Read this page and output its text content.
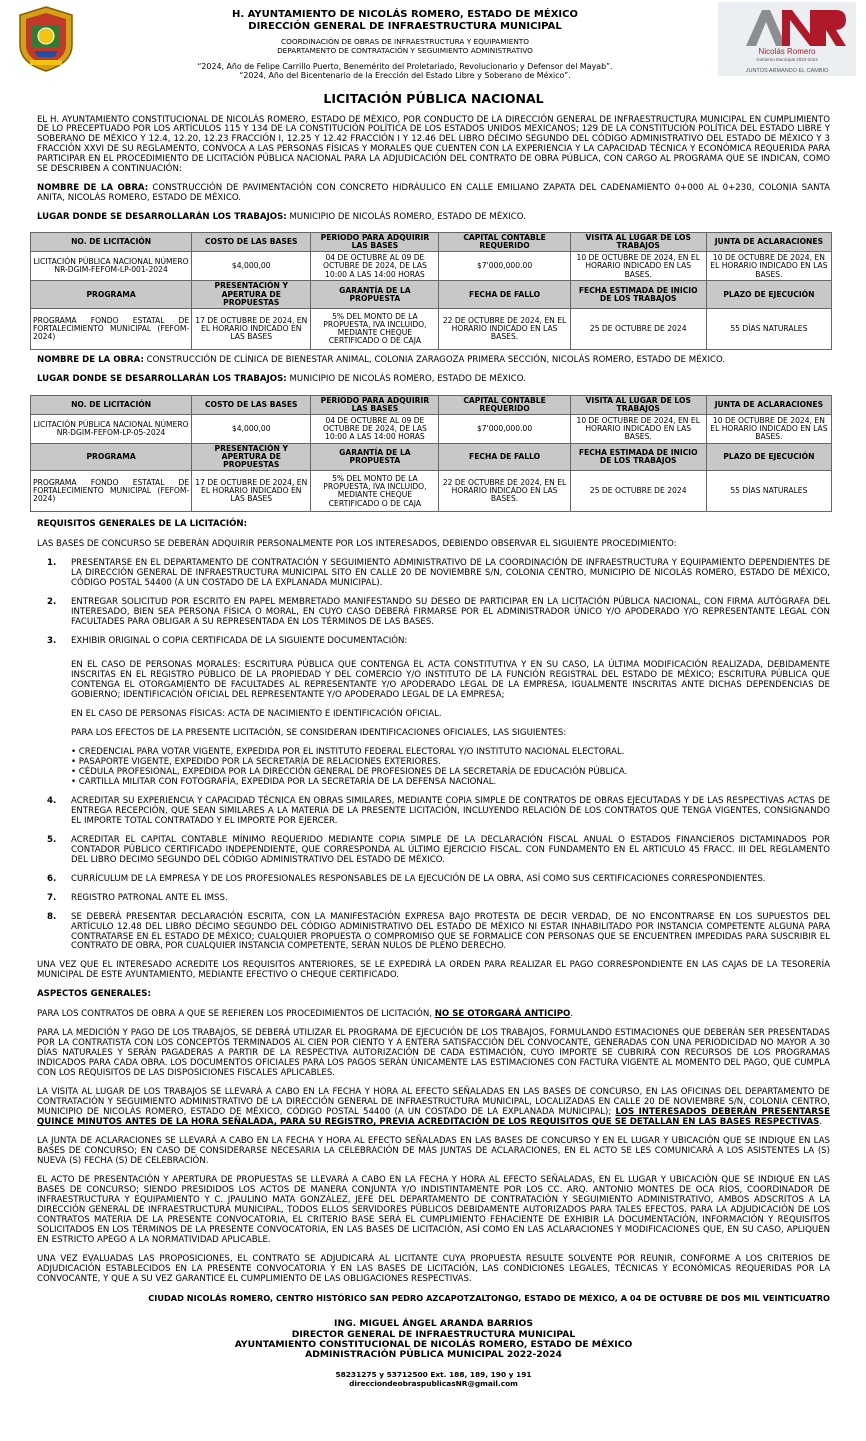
H. AYUNTAMIENTO DE NICOLÁS ROMERO, ESTADO DE MÉXICO
DIRECCIÓN GENERAL DE INFRAESTRUCTURA MUNICIPAL
COORDINACIÓN DE OBRAS DE INFRAESTRUCTURA Y EQUIPAMIENTO
DEPARTAMENTO DE CONTRATACIÓN Y SEGUIMIENTO ADMINISTRATIVO
“2024, Año de Felipe Carrillo Puerto, Benemérito del Proletariado, Revolucionario y Defensor del Mayab”.
“2024, Año del Bicentenario de la Erección del Estado Libre y Soberano de México”.
Nicolás Romero
Gobierno Municipal 2022-2024
JUNTOS ARMANDO EL CAMBIO
LICITACIÓN PÚBLICA NACIONAL

EL H. AYUNTAMIENTO CONSTITUCIONAL DE NICOLÁS ROMERO, ESTADO DE MÉXICO, POR CONDUCTO DE LA DIRECCIÓN GENERAL DE INFRAESTRUCTURA MUNICIPAL EN CUMPLIMIENTO DE LO PRECEPTUADO POR LOS ARTÍCULOS 115 Y 134 DE LA CONSTITUCIÓN POLÍTICA DE LOS ESTADOS UNIDOS MEXICANOS; 129 DE LA CONSTITUCIÓN POLÍTICA DEL ESTADO LIBRE Y SOBERANO DE MÉXICO Y 12.4, 12.20, 12.23 FRACCIÓN I, 12.25 Y 12.42 FRACCIÓN I Y 12.46 DEL LIBRO DÉCIMO SEGUNDO DEL CÓDIGO ADMINISTRATIVO DEL ESTADO DE MÉXICO Y 3 FRACCIÓN XXVI DE SU REGLAMENTO, CONVOCA A LAS PERSONAS FÍSICAS Y MORALES QUE CUENTEN CON LA EXPERIENCIA Y LA CAPACIDAD TÉCNICA Y ECONÓMICA REQUERIDA PARA PARTICIPAR EN EL PROCEDIMIENTO DE LICITACIÓN PÚBLICA NACIONAL PARA LA ADJUDICACIÓN DEL CONTRATO DE OBRA PÚBLICA, CON CARGO AL PROGRAMA QUE SE INDICAN, COMO SE DESCRIBEN A CONTINUACIÓN:

NOMBRE DE LA OBRA: CONSTRUCCIÓN DE PAVIMENTACIÓN CON CONCRETO HIDRÁULICO EN CALLE EMILIANO ZAPATA DEL CADENAMIENTO 0+000 AL 0+230, COLONIA SANTA ANITA, NICOLÁS ROMERO, ESTADO DE MÉXICO.

LUGAR DONDE SE DESARROLLARÁN LOS TRABAJOS: MUNICIPIO DE NICOLÁS ROMERO, ESTADO DE MÉXICO.

NO. DE LICITACIÓN	COSTO DE LAS BASES	PERIODO PARA ADQUIRIR LAS BASES	CAPITAL CONTABLE REQUERIDO	VISITA AL LUGAR DE LOS TRABAJOS	JUNTA DE ACLARACIONES
LICITACIÓN PÚBLICA NACIONAL NÚMERO NR-DGIM-FEFOM-LP-001-2024	$4,000,00	04 DE OCTUBRE AL 09 DE OCTUBRE DE 2024, DE LAS 10:00 A LAS 14:00 HORAS	$7'000,000.00	10 DE OCTUBRE DE 2024, EN EL HORARIO INDICADO EN LAS BASES.	10 DE OCTUBRE DE 2024, EN EL HORARIO INDICADO EN LAS BASES.
PROGRAMA	PRESENTACIÓN Y APERTURA DE PROPUESTAS	GARANTÍA DE LA PROPUESTA	FECHA DE FALLO	FECHA ESTIMADA DE INICIO DE LOS TRABAJOS	PLAZO DE EJECUCIÓN
PROGRAMA FONDO ESTATAL DE FORTALECIMIENTO MUNICIPAL (FEFOM-2024)	17 DE OCTUBRE DE 2024, EN EL HORARIO INDICADO EN LAS BASES	5% DEL MONTO DE LA PROPUESTA, IVA INCLUIDO, MEDIANTE CHEQUE CERTIFICADO O DE CAJA	22 DE OCTUBRE DE 2024, EN EL HORARIO INDICADO EN LAS BASES.	25 DE OCTUBRE DE 2024	55 DÍAS NATURALES

NOMBRE DE LA OBRA: CONSTRUCCIÓN DE CLÍNICA DE BIENESTAR ANIMAL, COLONIA ZARAGOZA PRIMERA SECCIÓN, NICOLÁS ROMERO, ESTADO DE MÉXICO.

LUGAR DONDE SE DESARROLLARÁN LOS TRABAJOS: MUNICIPIO DE NICOLÁS ROMERO, ESTADO DE MÉXICO.

NO. DE LICITACIÓN	COSTO DE LAS BASES	PERIODO PARA ADQUIRIR LAS BASES	CAPITAL CONTABLE REQUERIDO	VISITA AL LUGAR DE LOS TRABAJOS	JUNTA DE ACLARACIONES
LICITACIÓN PÚBLICA NACIONAL NÚMERO NR-DGIM-FEFOM-LP-05-2024	$4,000,00	04 DE OCTUBRE AL 09 DE OCTUBRE DE 2024, DE LAS 10:00 A LAS 14:00 HORAS	$7'000,000.00	10 DE OCTUBRE DE 2024, EN EL HORARIO INDICADO EN LAS BASES.	10 DE OCTUBRE DE 2024, EN EL HORARIO INDICADO EN LAS BASES.
PROGRAMA	PRESENTACIÓN Y APERTURA DE PROPUESTAS	GARANTÍA DE LA PROPUESTA	FECHA DE FALLO	FECHA ESTIMADA DE INICIO DE LOS TRABAJOS	PLAZO DE EJECUCIÓN
PROGRAMA FONDO ESTATAL DE FORTALECIMIENTO MUNICIPAL (FEFOM-2024)	17 DE OCTUBRE DE 2024, EN EL HORARIO INDICADO EN LAS BASES	5% DEL MONTO DE LA PROPUESTA, IVA INCLUIDO, MEDIANTE CHEQUE CERTIFICADO O DE CAJA	22 DE OCTUBRE DE 2024, EN EL HORARIO INDICADO EN LAS BASES.	25 DE OCTUBRE DE 2024	55 DÍAS NATURALES
REQUISITOS GENERALES DE LA LICITACIÓN:

LAS BASES DE CONCURSO SE DEBERÁN ADQUIRIR PERSONALMENTE POR LOS INTERESADOS, DEBIENDO OBSERVAR EL SIGUIENTE PROCEDIMIENTO:

1. PRESENTARSE EN EL DEPARTAMENTO DE CONTRATACIÓN Y SEGUIMIENTO ADMINISTRATIVO DE LA COORDINACIÓN DE INFRAESTRUCTURA Y EQUIPAMIENTO DEPENDIENTES DE LA DIRECCIÓN GENERAL DE INFRAESTRUCTURA MUNICIPAL SITO EN CALLE 20 DE NOVIEMBRE S/N, COLONIA CENTRO, MUNICIPIO DE NICOLÁS ROMERO, ESTADO DE MÉXICO, CÓDIGO POSTAL 54400 (A UN COSTADO DE LA EXPLANADA MUNICIPAL).
2. ENTREGAR SOLICITUD POR ESCRITO EN PAPEL MEMBRETADO MANIFESTANDO SU DESEO DE PARTICIPAR EN LA LICITACIÓN PÚBLICA NACIONAL, CON FIRMA AUTÓGRAFA DEL INTERESADO, BIEN SEA PERSONA FÍSICA O MORAL, EN CUYO CASO DEBERÁ FIRMARSE POR EL ADMINISTRADOR ÚNICO Y/O APODERADO Y/O REPRESENTANTE LEGAL CON FACULTADES PARA OBLIGAR A SU REPRESENTADA EN LOS TÉRMINOS DE LAS BASES.
3. EXHIBIR ORIGINAL O COPIA CERTIFICADA DE LA SIGUIENTE DOCUMENTACIÓN:

EN EL CASO DE PERSONAS MORALES: ESCRITURA PÚBLICA QUE CONTENGA EL ACTA CONSTITUTIVA Y EN SU CASO, LA ÚLTIMA MODIFICACIÓN REALIZADA, DEBIDAMENTE INSCRITAS EN EL REGISTRO PÚBLICO DE LA PROPIEDAD Y DEL COMERCIO Y/O INSTITUTO DE LA FUNCIÓN REGISTRAL DEL ESTADO DE MÉXICO; ESCRITURA PÚBLICA QUE CONTENGA EL OTORGAMIENTO DE FACULTADES AL REPRESENTANTE Y/O APODERADO LEGAL DE LA EMPRESA, IGUALMENTE INSCRITAS ANTE DICHAS DEPENDENCIAS DE GOBIERNO; IDENTIFICACIÓN OFICIAL DEL REPRESENTANTE Y/O APODERADO LEGAL DE LA EMPRESA;

EN EL CASO DE PERSONAS FÍSICAS: ACTA DE NACIMIENTO E IDENTIFICACIÓN OFICIAL.

PARA LOS EFECTOS DE LA PRESENTE LICITACIÓN, SE CONSIDERAN IDENTIFICACIONES OFICIALES, LAS SIGUIENTES:

• CREDENCIAL PARA VOTAR VIGENTE, EXPEDIDA POR EL INSTITUTO FEDERAL ELECTORAL Y/O INSTITUTO NACIONAL ELECTORAL.
• PASAPORTE VIGENTE, EXPEDIDO POR LA SECRETARÍA DE RELACIONES EXTERIORES.
• CÉDULA PROFESIONAL, EXPEDIDA POR LA DIRECCIÓN GENERAL DE PROFESIONES DE LA SECRETARÍA DE EDUCACIÓN PÚBLICA.
• CARTILLA MILITAR CON FOTOGRAFÍA, EXPEDIDA POR LA SECRETARÍA DE LA DEFENSA NACIONAL.
4. ACREDITAR SU EXPERIENCIA Y CAPACIDAD TÉCNICA EN OBRAS SIMILARES, MEDIANTE COPIA SIMPLE DE CONTRATOS DE OBRAS EJECUTADAS Y DE LAS RESPECTIVAS ACTAS DE ENTREGA RECEPCIÓN, QUE SEAN SIMILARES A LA MATERIA DE LA PRESENTE LICITACIÓN, INCLUYENDO RELACIÓN DE LOS CONTRATOS QUE TENGA VIGENTES, CONSIGNANDO EL IMPORTE TOTAL CONTRATADO Y EL IMPORTE POR EJERCER.
5. ACREDITAR EL CAPITAL CONTABLE MÍNIMO REQUERIDO MEDIANTE COPIA SIMPLE DE LA DECLARACIÓN FISCAL ANUAL O ESTADOS FINANCIEROS DICTAMINADOS POR CONTADOR PÚBLICO CERTIFICADO INDEPENDIENTE, QUE CORRESPONDA AL ÚLTIMO EJERCICIO FISCAL. CON FUNDAMENTO EN EL ARTICULO 45 FRACC. III DEL REGLAMENTO DEL LIBRO DECIMO SEGUNDO DEL CÓDIGO ADMINISTRATIVO DEL ESTADO DE MÉXICO.
6. CURRÍCULUM DE LA EMPRESA Y DE LOS PROFESIONALES RESPONSABLES DE LA EJECUCIÓN DE LA OBRA, ASÍ COMO SUS CERTIFICACIONES CORRESPONDIENTES.
7. REGISTRO PATRONAL ANTE EL IMSS.
8. SE DEBERÁ PRESENTAR DECLARACIÓN ESCRITA, CON LA MANIFESTACIÓN EXPRESA BAJO PROTESTA DE DECIR VERDAD, DE NO ENCONTRARSE EN LOS SUPUESTOS DEL ARTÍCULO 12.48 DEL LIBRO DÉCIMO SEGUNDO DEL CÓDIGO ADMINISTRATIVO DEL ESTADO DE MÉXICO NI ESTAR INHABILITADO POR INSTANCIA COMPETENTE ALGUNA PARA CONTRATARSE EN EL ESTADO DE MÉXICO; CUALQUIER PROPUESTA O COMPROMISO QUE SE FORMALICE CON PERSONAS QUE SE ENCUENTREN IMPEDIDAS PARA SUSCRIBIR EL CONTRATO DE OBRA, POR CUALQUIER INSTANCIA COMPETENTE, SERÁN NULOS DE PLENO DERECHO.

UNA VEZ QUE EL INTERESADO ACREDITE LOS REQUISITOS ANTERIORES, SE LE EXPEDIRÁ LA ORDEN PARA REALIZAR EL PAGO CORRESPONDIENTE EN LAS CAJAS DE LA TESORERÍA MUNICIPAL DE ESTE AYUNTAMIENTO, MEDIANTE EFECTIVO O CHEQUE CERTIFICADO.

ASPECTOS GENERALES:

PARA LOS CONTRATOS DE OBRA A QUE SE REFIEREN LOS PROCEDIMIENTOS DE LICITACIÓN, NO SE OTORGARÁ ANTICIPO.

PARA LA MEDICIÓN Y PAGO DE LOS TRABAJOS, SE DEBERÁ UTILIZAR EL PROGRAMA DE EJECUCIÓN DE LOS TRABAJOS, FORMULANDO ESTIMACIONES QUE DEBERÁN SER PRESENTADAS POR LA CONTRATISTA CON LOS CONCEPTOS TERMINADOS AL CIEN POR CIENTO Y A ENTERA SATISFACCIÓN DEL CONVOCANTE, GENERADAS CON UNA PERIODICIDAD NO MAYOR A 30 DÍAS NATURALES Y SERÁN PAGADERAS A PARTIR DE LA RESPECTIVA AUTORIZACIÓN DE CADA ESTIMACIÓN, CUYO IMPORTE SE CUBRIRÁ CON RECURSOS DE LOS PROGRAMAS INDICADOS PARA CADA OBRA. LOS DOCUMENTOS OFICIALES PARA LOS PAGOS SERÁN ÚNICAMENTE LAS ESTIMACIONES CON FACTURA VIGENTE AL MOMENTO DEL PAGO, QUE CUMPLA CON LOS REQUISITOS DE LAS DISPOSICIONES FISCALES APLICABLES.

LA VISITA AL LUGAR DE LOS TRABAJOS SE LLEVARÁ A CABO EN LA FECHA Y HORA AL EFECTO SEÑALADAS EN LAS BASES DE CONCURSO, EN LAS OFICINAS DEL DEPARTAMENTO DE CONTRATACIÓN Y SEGUIMIENTO ADMINISTRATIVO DE LA DIRECCIÓN GENERAL DE INFRAESTRUCTURA MUNICIPAL, LOCALIZADAS EN CALLE 20 DE NOVIEMBRE S/N, COLONIA CENTRO, MUNICIPIO DE NICOLÁS ROMERO, ESTADO DE MÉXICO, CÓDIGO POSTAL 54400 (A UN COSTADO DE LA EXPLANADA MUNICIPAL); LOS INTERESADOS DEBERÁN PRESENTARSE QUINCE MINUTOS ANTES DE LA HORA SEÑALADA, PARA SU REGISTRO, PREVIA ACREDITACIÓN DE LOS REQUISITOS QUE SE DETALLAN EN LAS BASES RESPECTIVAS.

LA JUNTA DE ACLARACIONES SE LLEVARÁ A CABO EN LA FECHA Y HORA AL EFECTO SEÑALADAS EN LAS BASES DE CONCURSO Y EN EL LUGAR Y UBICACIÓN QUE SE INDIQUE EN LAS BASES DE CONCURSO; EN CASO DE CONSIDERARSE NECESARIA LA CELEBRACIÓN DE MÁS JUNTAS DE ACLARACIONES, EN EL ACTO SE LES COMUNICARÁ A LOS ASISTENTES LA (S) NUEVA (S) FECHA (S) DE CELEBRACIÓN.

EL ACTO DE PRESENTACIÓN Y APERTURA DE PROPUESTAS SE LLEVARÁ A CABO EN LA FECHA Y HORA AL EFECTO SEÑALADAS, EN EL LUGAR Y UBICACIÓN QUE SE INDIQUE EN LAS BASES DE CONCURSO; SIENDO PRESIDIDOS LOS ACTOS DE MANERA CONJUNTA Y/O INDISTINTAMENTE POR LOS CC. ARQ. ANTONIO MONTES DE OCA RÍOS, COORDINADOR DE INFRAESTRUCTURA Y EQUIPAMIENTO Y C. JPAULINO MATA GONZÁLEZ, JEFE DEL DEPARTAMENTO DE CONTRATACIÓN Y SEGUIMIENTO ADMINISTRATIVO, AMBOS ADSCRITOS A LA DIRECCIÓN GENERAL DE INFRAESTRUCTURA MUNICIPAL, TODOS ELLOS SERVIDORES PÚBLICOS DEBIDAMENTE AUTORIZADOS PARA TALES EFECTOS. PARA LA ADJUDICACIÓN DE LOS CONTRATOS MATERIA DE LA PRESENTE CONVOCATORIA, EL CRITERIO BASE SERÁ EL CUMPLIMIENTO FEHACIENTE DE EXHIBIR LA DOCUMENTACIÓN, INFORMACIÓN Y REQUISITOS SOLICITADOS EN LOS TÉRMINOS DE LA PRESENTE CONVOCATORIA, EN LAS BASES DE LICITACIÓN, ASÍ COMO EN LAS ACLARACIONES Y MODIFICACIONES QUE, EN SU CASO, APLIQUEN EN ESTRICTO APEGO A LA NORMATIVIDAD APLICABLE.

UNA VEZ EVALUADAS LAS PROPOSICIONES, EL CONTRATO SE ADJUDICARÁ AL LICITANTE CUYA PROPUESTA RESULTE SOLVENTE POR REUNIR, CONFORME A LOS CRITERIOS DE ADJUDICACIÓN ESTABLECIDOS EN LA PRESENTE CONVOCATORIA Y EN LAS BASES DE LICITACIÓN, LAS CONDICIONES LEGALES, TÉCNICAS Y ECONÓMICAS REQUERIDAS POR LA CONVOCANTE, Y QUE A SU VEZ GARANTICE EL CUMPLIMIENTO DE LAS OBLIGACIONES RESPECTIVAS.

CIUDAD NICOLÁS ROMERO, CENTRO HISTÓRICO SAN PEDRO AZCAPOTZALTONGO, ESTADO DE MÉXICO, A 04 DE OCTUBRE DE DOS MIL VEINTICUATRO
ING. MIGUEL ÁNGEL ARANDA BARRIOS
DIRECTOR GENERAL DE INFRAESTRUCTURA MUNICIPAL
AYUNTAMIENTO CONSTITUCIONAL DE NICOLÁS ROMERO, ESTADO DE MÉXICO
ADMINISTRACIÓN PÚBLICA MUNICIPAL 2022-2024
58231275 y 53712500 Ext. 188, 189, 190 y 191
direcciondeobraspublicasNR@gmail.com
